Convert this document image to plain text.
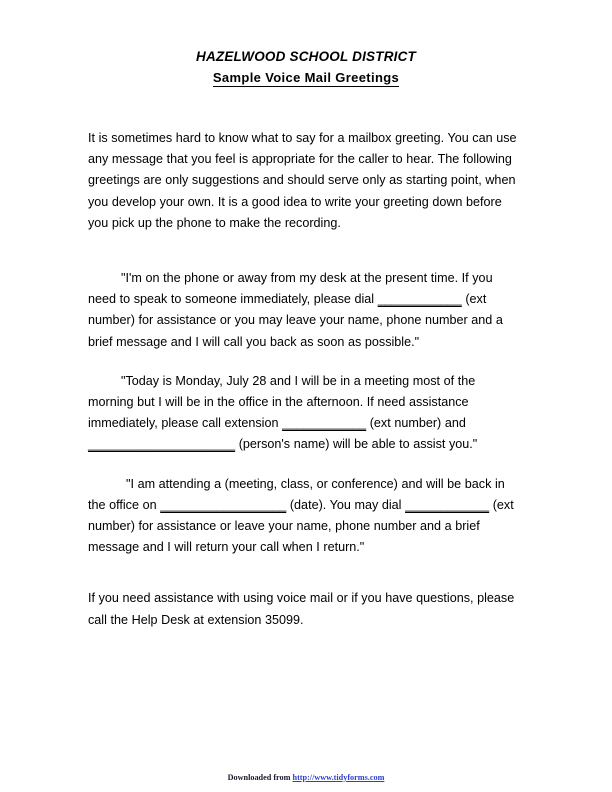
HAZELWOOD SCHOOL DISTRICT
Sample Voice Mail Greetings

It is sometimes hard to know what to say for a mailbox greeting. You can use any message that you feel is appropriate for the caller to hear. The following greetings are only suggestions and should serve only as starting point, when you develop your own. It is a good idea to write your greeting down before you pick up the phone to make the recording.

"I'm on the phone or away from my desk at the present time. If you need to speak to someone immediately, please dial ____________ (ext number) for assistance or you may leave your name, phone number and a brief message and I will call you back as soon as possible."

"Today is Monday, July 28 and I will be in a meeting most of the morning but I will be in the office in the afternoon. If need assistance immediately, please call extension ____________ (ext number) and
_____________________ (person's name) will be able to assist you."

"I am attending a (meeting, class, or conference) and will be back in the office on __________________ (date). You may dial ____________ (ext number) for assistance or leave your name, phone number and a brief message and I will return your call when I return."

If you need assistance with using voice mail or if you have questions, please call the Help Desk at extension 35099.

Downloaded from http://www.tidyforms.com
